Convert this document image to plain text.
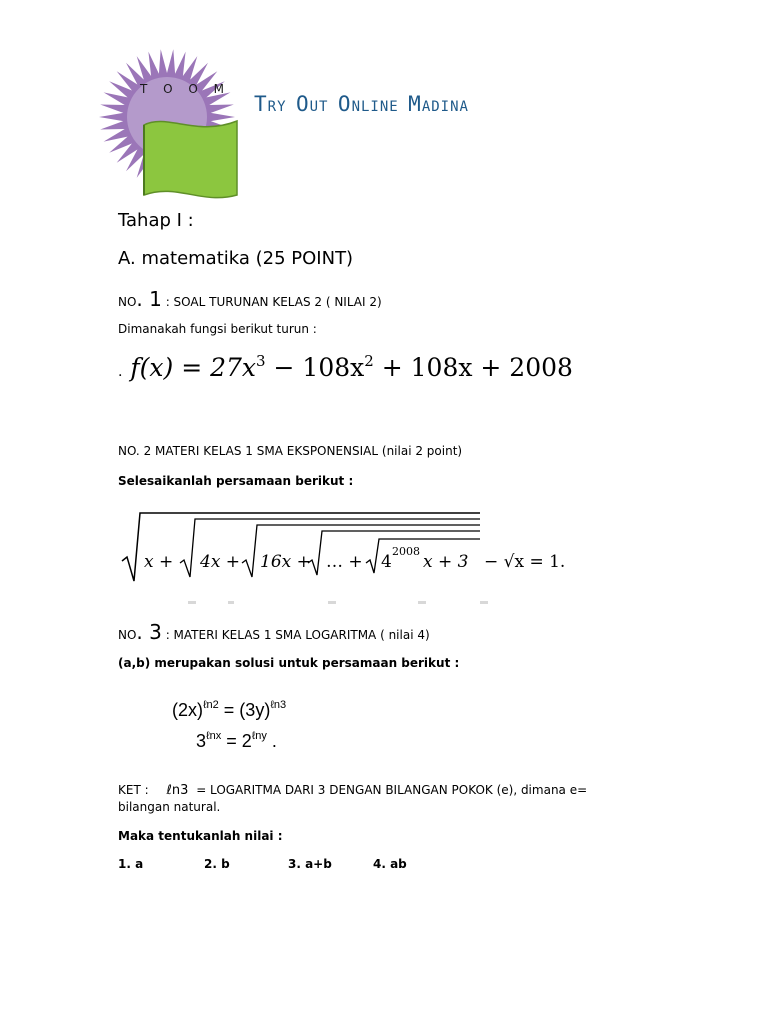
T O O M
TRY OUT ONLINE MADINA
Tahap I :
A. matematika (25 POINT)
NO. 1 : SOAL TURUNAN KELAS 2 ( NILAI 2)
Dimanakah fungsi berikut turun :
. $f(x) = 27x^3 - 108x^2 + 108x + 2008$
NO. 2 MATERI KELAS 1 SMA EKSPONENSIAL (nilai 2 point)
Selesaikanlah persamaan berikut :
x + 4x + 16x + … + 4
2008
x + 3 − √x = 1.
NO. 3 : MATERI KELAS 1 SMA LOGARITMA ( nilai 4)
(a,b) merupakan solusi untuk persamaan berikut :
$(2x)^{\ell n2} = (3y)^{\ell n3}$
$3^{\ell nx} = 2^{\ell ny}$ .
KET : ℓn3 = LOGARITMA DARI 3 DENGAN BILANGAN POKOK (e), dimana e=
bilangan natural.
Maka tentukanlah nilai :
1. a	2. b	3. a+b	4. ab
